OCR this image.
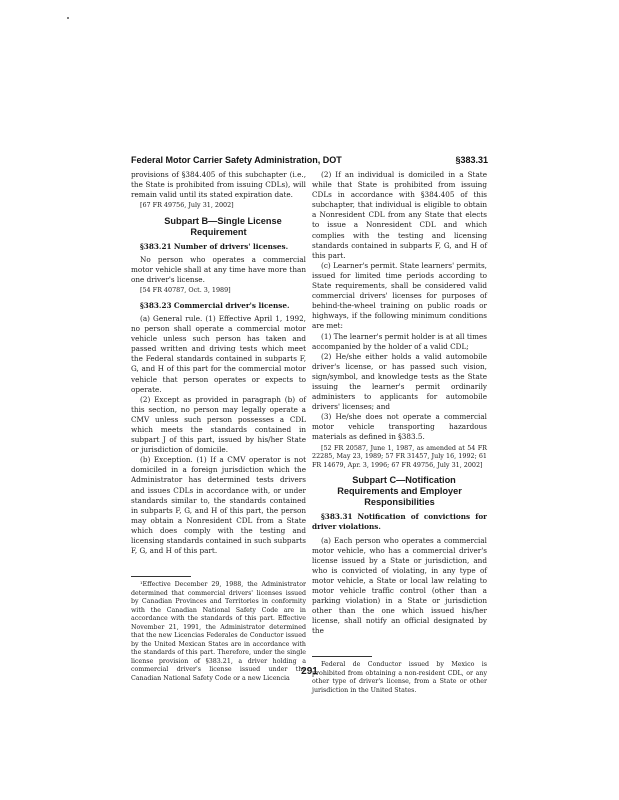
Federal Motor Carrier Safety Administration, DOT	§383.31

provisions of §384.405 of this subchapter (i.e., the State is prohibited from issuing CDLs), will remain valid until its stated expiration date.

[67 FR 49756, July 31, 2002]

Subpart B—Single License Requirement

§383.21 Number of drivers' licenses.

No person who operates a commercial motor vehicle shall at any time have more than one driver's license.

[54 FR 40787, Oct. 3, 1989]

§383.23 Commercial driver's license.

(a) General rule. (1) Effective April 1, 1992, no person shall operate a commercial motor vehicle unless such person has taken and passed written and driving tests which meet the Federal standards contained in subparts F, G, and H of this part for the commercial motor vehicle that person operates or expects to operate.

(2) Except as provided in paragraph (b) of this section, no person may legally operate a CMV unless such person possesses a CDL which meets the standards contained in subpart J of this part, issued by his/her State or jurisdiction of domicile.

(b) Exception. (1) If a CMV operator is not domiciled in a foreign jurisdiction which the Administrator has determined tests drivers and issues CDLs in accordance with, or under standards similar to, the standards contained in subparts F, G, and H of this part, the person may obtain a Nonresident CDL from a State which does comply with the testing and licensing standards contained in such subparts F, G, and H of this part.

¹Effective December 29, 1988, the Administrator determined that commercial drivers' licenses issued by Canadian Provinces and Territories in conformity with the Canadian National Safety Code are in accordance with the standards of this part. Effective November 21, 1991, the Administrator determined that the new Licencias Federales de Conductor issued by the United Mexican States are in accordance with the standards of this part. Therefore, under the single license provision of §383.21, a driver holding a commercial driver's license issued under the Canadian National Safety Code or a new Licencia

(2) If an individual is domiciled in a State while that State is prohibited from issuing CDLs in accordance with §384.405 of this subchapter, that individual is eligible to obtain a Nonresident CDL from any State that elects to issue a Nonresident CDL and which complies with the testing and licensing standards contained in subparts F, G, and H of this part.

(c) Learner's permit. State learners' permits, issued for limited time periods according to State requirements, shall be considered valid commercial drivers' licenses for purposes of behind-the-wheel training on public roads or highways, if the following minimum conditions are met:

(1) The learner's permit holder is at all times accompanied by the holder of a valid CDL;

(2) He/she either holds a valid automobile driver's license, or has passed such vision, sign/symbol, and knowledge tests as the State issuing the learner's permit ordinarily administers to applicants for automobile drivers' licenses; and

(3) He/she does not operate a commercial motor vehicle transporting hazardous materials as defined in §383.5.

[52 FR 20587, June 1, 1987, as amended at 54 FR 22285, May 23, 1989; 57 FR 31457, July 16, 1992; 61 FR 14679, Apr. 3, 1996; 67 FR 49756, July 31, 2002]

Subpart C—Notification Requirements and Employer Responsibilities

§383.31 Notification of convictions for driver violations.

(a) Each person who operates a commercial motor vehicle, who has a commercial driver's license issued by a State or jurisdiction, and who is convicted of violating, in any type of motor vehicle, a State or local law relating to motor vehicle traffic control (other than a parking violation) in a State or jurisdiction other than the one which issued his/her license, shall notify an official designated by the

Federal de Conductor issued by Mexico is prohibited from obtaining a non-resident CDL, or any other type of driver's license, from a State or other jurisdiction in the United States.

291
